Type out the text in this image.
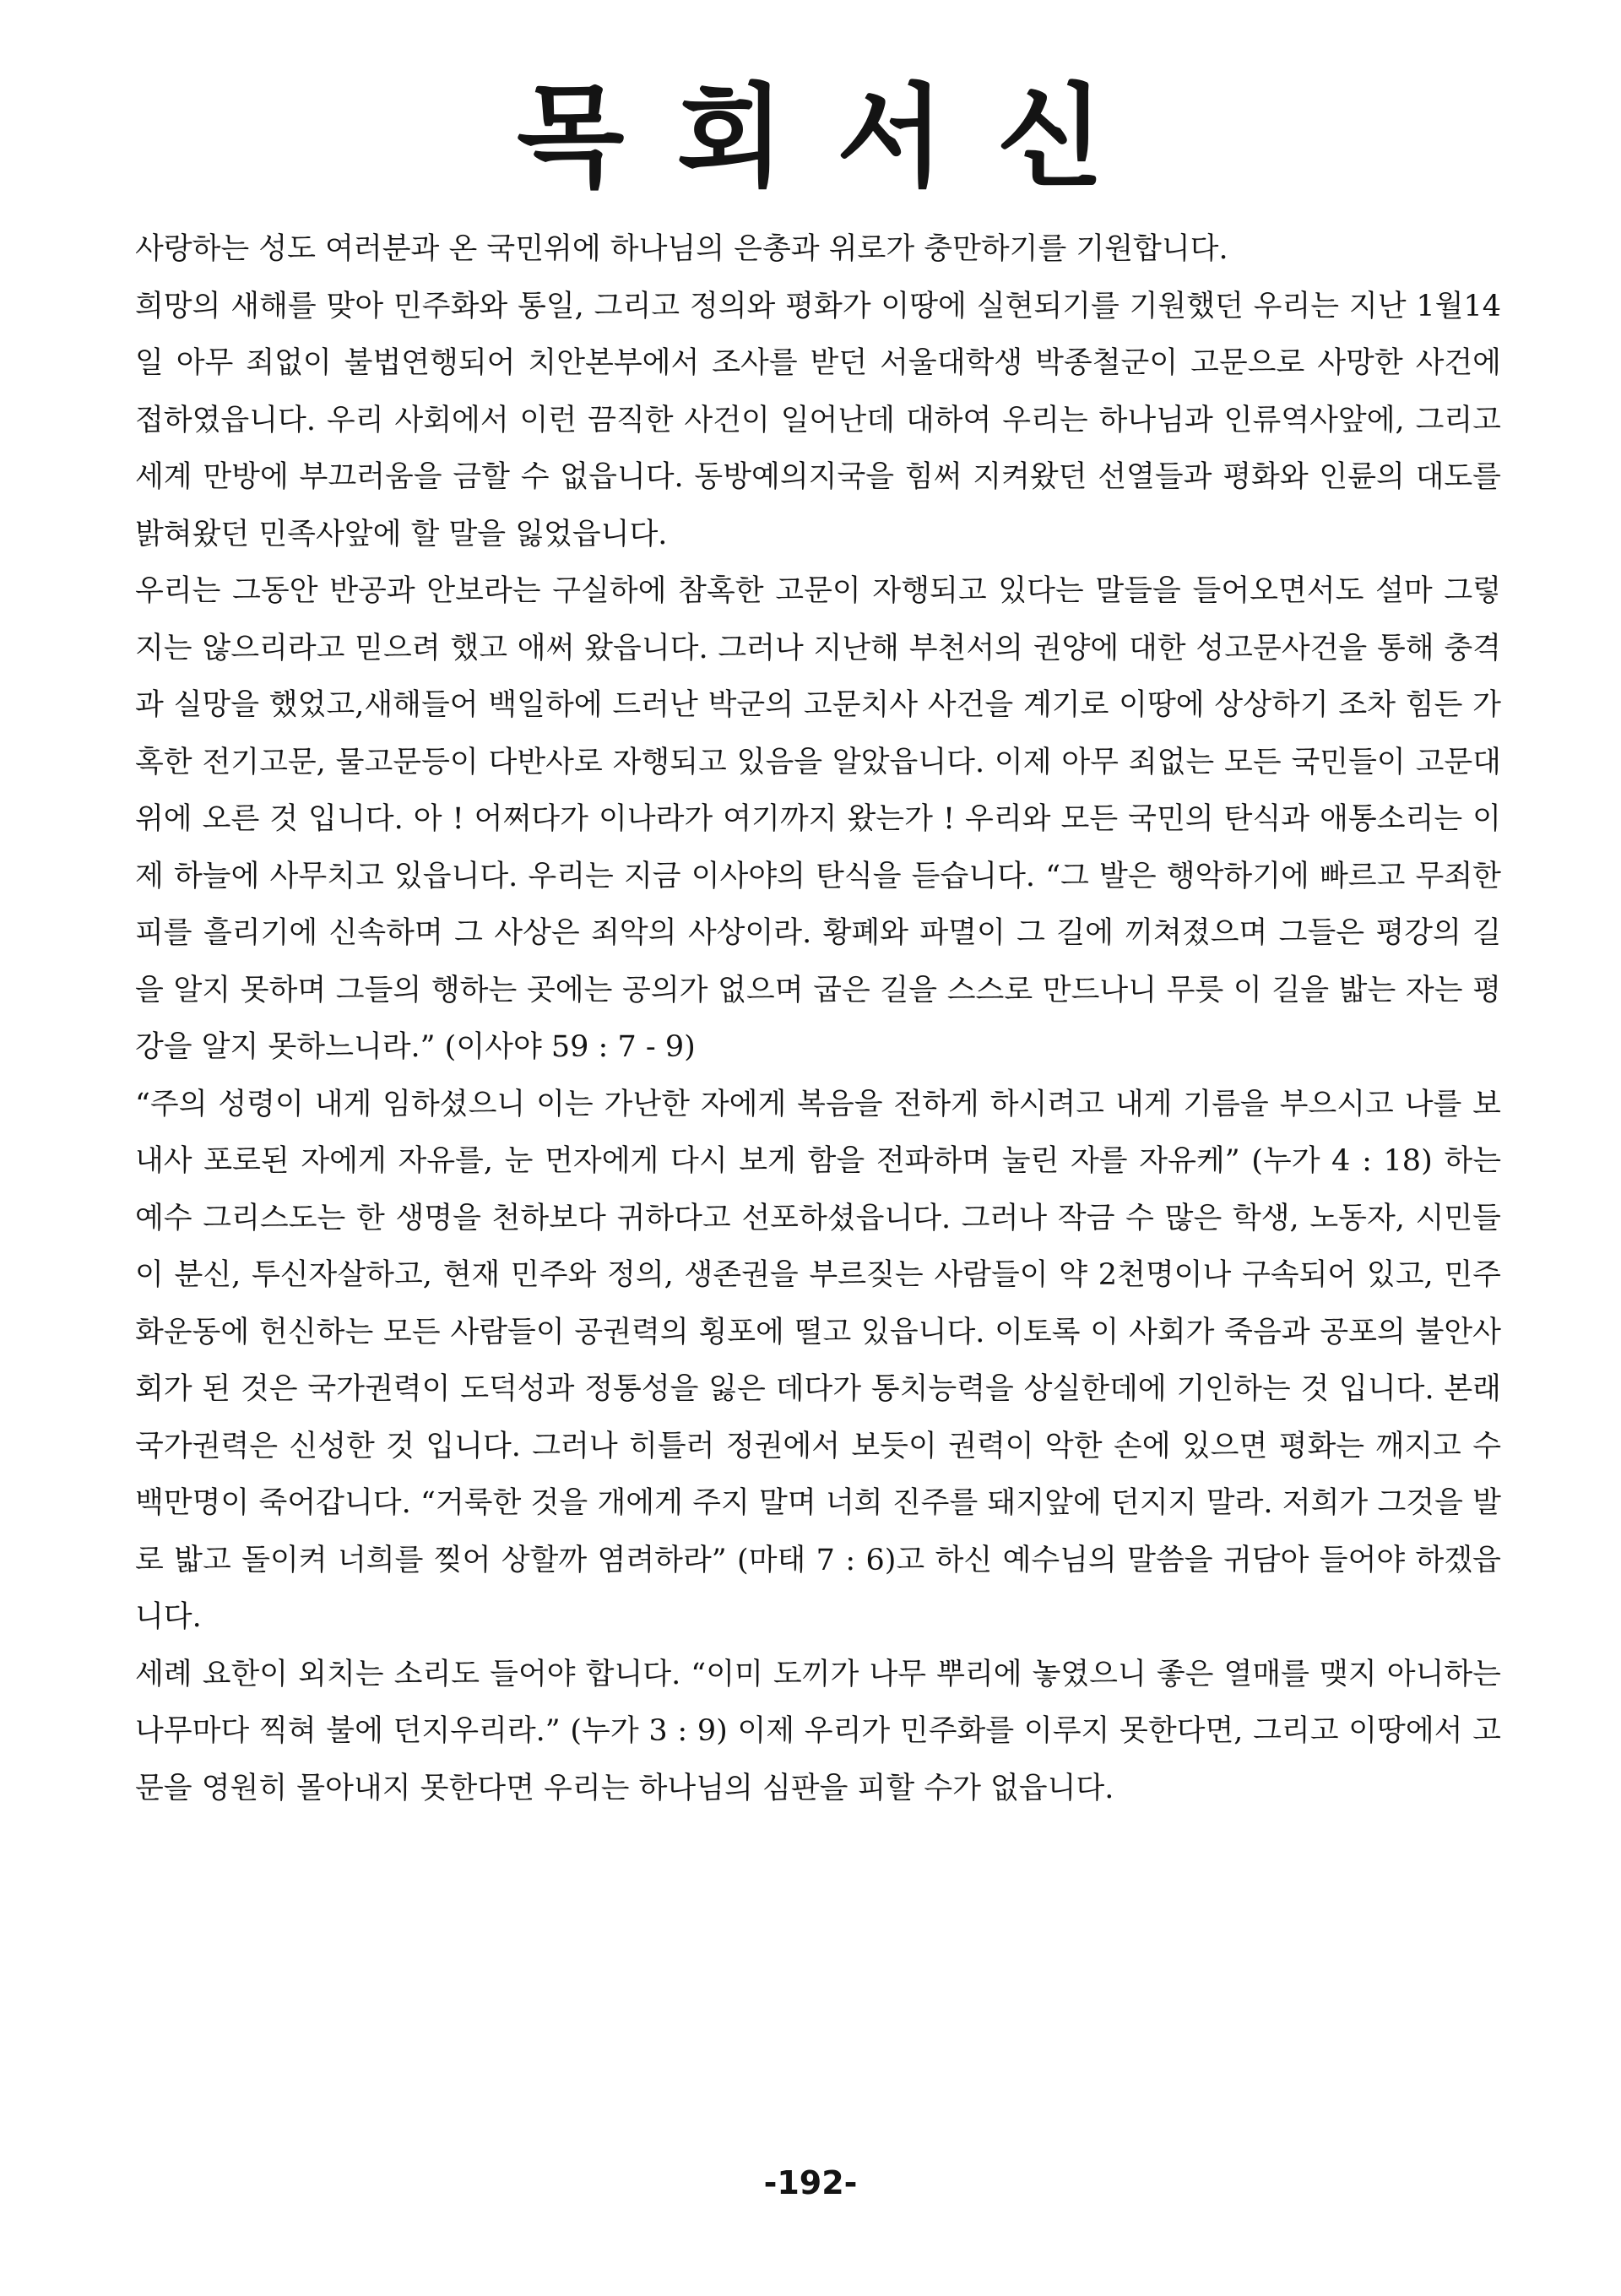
목회서신

사랑하는 성도 여러분과 온 국민위에 하나님의 은총과 위로가 충만하기를 기원합니다.

희망의 새해를 맞아 민주화와 통일, 그리고 정의와 평화가 이땅에 실현되기를 기원했던 우리는 지난 1월14일 아무 죄없이 불법연행되어 치안본부에서 조사를 받던 서울대학생 박종철군이 고문으로 사망한 사건에 접하였읍니다. 우리 사회에서 이런 끔직한 사건이 일어난데 대하여 우리는 하나님과 인류역사앞에, 그리고 세계 만방에 부끄러움을 금할 수 없읍니다. 동방예의지국을 힘써 지켜왔던 선열들과 평화와 인륜의 대도를 밝혀왔던 민족사앞에 할 말을 잃었읍니다.

우리는 그동안 반공과 안보라는 구실하에 참혹한 고문이 자행되고 있다는 말들을 들어오면서도 설마 그렇지는 않으리라고 믿으려 했고 애써 왔읍니다. 그러나 지난해 부천서의 권양에 대한 성고문사건을 통해 충격과 실망을 했었고,새해들어 백일하에 드러난 박군의 고문치사 사건을 계기로 이땅에 상상하기 조차 힘든 가혹한 전기고문, 물고문등이 다반사로 자행되고 있음을 알았읍니다. 이제 아무 죄없는 모든 국민들이 고문대위에 오른 것 입니다. 아 ! 어쩌다가 이나라가 여기까지 왔는가 ! 우리와 모든 국민의 탄식과 애통소리는 이제 하늘에 사무치고 있읍니다. 우리는 지금 이사야의 탄식을 듣습니다. “그 발은 행악하기에 빠르고 무죄한 피를 흘리기에 신속하며 그 사상은 죄악의 사상이라. 황폐와 파멸이 그 길에 끼쳐졌으며 그들은 평강의 길을 알지 못하며 그들의 행하는 곳에는 공의가 없으며 굽은 길을 스스로 만드나니 무릇 이 길을 밟는 자는 평강을 알지 못하느니라.” (이사야 59 : 7 - 9)

“주의 성령이 내게 임하셨으니 이는 가난한 자에게 복음을 전하게 하시려고 내게 기름을 부으시고 나를 보내사 포로된 자에게 자유를, 눈 먼자에게 다시 보게 함을 전파하며 눌린 자를 자유케” (누가 4 : 18) 하는 예수 그리스도는 한 생명을 천하보다 귀하다고 선포하셨읍니다. 그러나 작금 수 많은 학생, 노동자, 시민들이 분신, 투신자살하고, 현재 민주와 정의, 생존권을 부르짖는 사람들이 약 2천명이나 구속되어 있고, 민주화운동에 헌신하는 모든 사람들이 공권력의 횡포에 떨고 있읍니다. 이토록 이 사회가 죽음과 공포의 불안사회가 된 것은 국가권력이 도덕성과 정통성을 잃은 데다가 통치능력을 상실한데에 기인하는 것 입니다. 본래 국가권력은 신성한 것 입니다. 그러나 히틀러 정권에서 보듯이 권력이 악한 손에 있으면 평화는 깨지고 수백만명이 죽어갑니다. “거룩한 것을 개에게 주지 말며 너희 진주를 돼지앞에 던지지 말라. 저희가 그것을 발로 밟고 돌이켜 너희를 찢어 상할까 염려하라” (마태 7 : 6)고 하신 예수님의 말씀을 귀담아 들어야 하겠읍니다.

세례 요한이 외치는 소리도 들어야 합니다. “이미 도끼가 나무 뿌리에 놓였으니 좋은 열매를 맺지 아니하는 나무마다 찍혀 불에 던지우리라.” (누가 3 : 9) 이제 우리가 민주화를 이루지 못한다면, 그리고 이땅에서 고문을 영원히 몰아내지 못한다면 우리는 하나님의 심판을 피할 수가 없읍니다.

-192-
